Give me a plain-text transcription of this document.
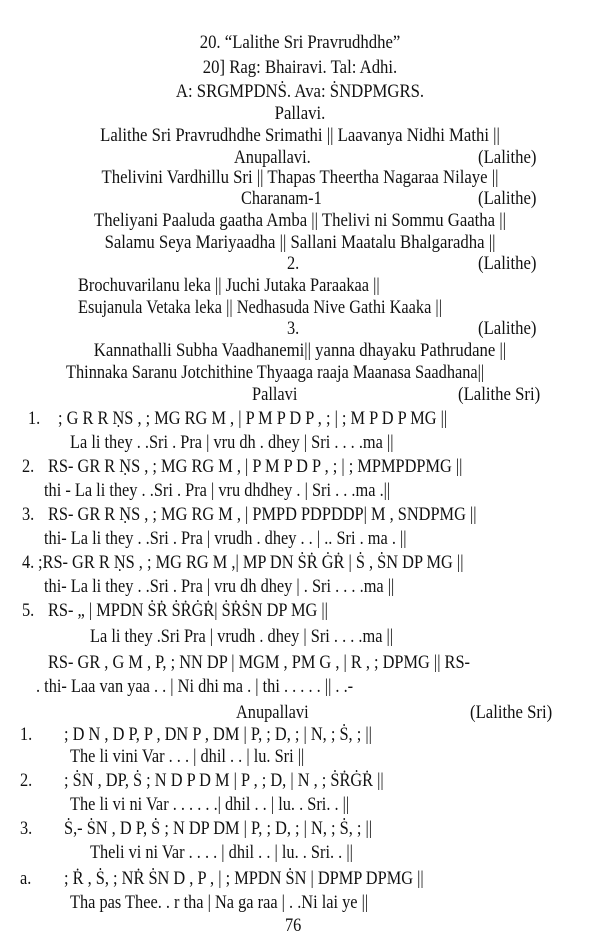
20. “Lalithe Sri Pravrudhdhe”
20] Rag: Bhairavi. Tal: Adhi.
A: SRGMPDNṠ. Ava: ṠNDPMGRS.
Pallavi.
Lalithe Sri Pravrudhdhe Srimathi || Laavanya Nidhi Mathi ||
Anupallavi.	(Lalithe)
Thelivini Vardhillu Sri || Thapas Theertha Nagaraa Nilaye ||
Charanam-1	(Lalithe)
Theliyani Paaluda gaatha Amba || Thelivi ni Sommu Gaatha ||
Salamu Seya Mariyaadha || Sallani Maatalu Bhalgaradha ||
2.	(Lalithe)
Brochuvarilanu leka || Juchi Jutaka Paraakaa ||
Esujanula Vetaka leka || Nedhasuda Nive Gathi Kaaka ||
3.	(Lalithe)
Kannathalli Subha Vaadhanemi|| yanna dhayaku Pathrudane ||
Thinnaka Saranu Jotchithine Thyaaga raaja Maanasa Saadhana||
Pallavi	(Lalithe Sri)
1. ; G R R ṆS , ; MG RG M , | P M P D P , ; | ; M P D P MG ||
La li they . .Sri . Pra | vru dh . dhey | Sri . . . .ma ||
2. RS- GR R ṆS , ; MG RG M , | P M P D P , ; | ; MPMPDPMG ||
thi - La li they . .Sri . Pra | vru dhdhey . | Sri . . .ma .||
3. RS- GR R ṆS , ; MG RG M , | PMPD PDPDDP| M , SNDPMG ||
thi- La li they . .Sri . Pra | vrudh . dhey . . | .. Sri . ma . ||
4. ;RS- GR R ṆS , ; MG RG M ,| MP DN ṠṘ ĠṘ | Ṡ , ṠN DP MG ||
thi- La li they . .Sri . Pra | vru dh dhey | . Sri . . . .ma ||
5. RS- „ | MPDN ṠṘ ṠṘĠṘ| ṠṘṠN DP MG ||
La li they .Sri Pra | vrudh . dhey | Sri . . . .ma ||
RS- GR , G M , P, ; NN DP | MGM , PM G , | R , ; DPMG || RS-
. thi- Laa van yaa . . | Ni dhi ma . | thi . . . . . || . .-
Anupallavi	(Lalithe Sri)
1. ; D N , D P, P , DN P , DM | P, ; D, ; | N, ; Ṡ, ; ||
The li vini Var . . . | dhil . . | lu. Sri ||
2. ; ṠN , DP, Ṡ ; N D P D M | P , ; D, | N , ; ṠṘĠṘ ||
The li vi ni Var . . . . . .| dhil . . | lu. . Sri. . ||
3. Ṡ,- ṠN , D P, Ṡ ; N DP DM | P, ; D, ; | N, ; Ṡ, ; ||
Theli vi ni Var . . . . | dhil . . | lu. . Sri. . ||
a. ; Ṙ , Ṡ, ; NṘ ṠN D , P , | ; MPDN ṠN | DPMP DPMG ||
Tha pas Thee. . r tha | Na ga raa | . .Ni lai ye ||
76
